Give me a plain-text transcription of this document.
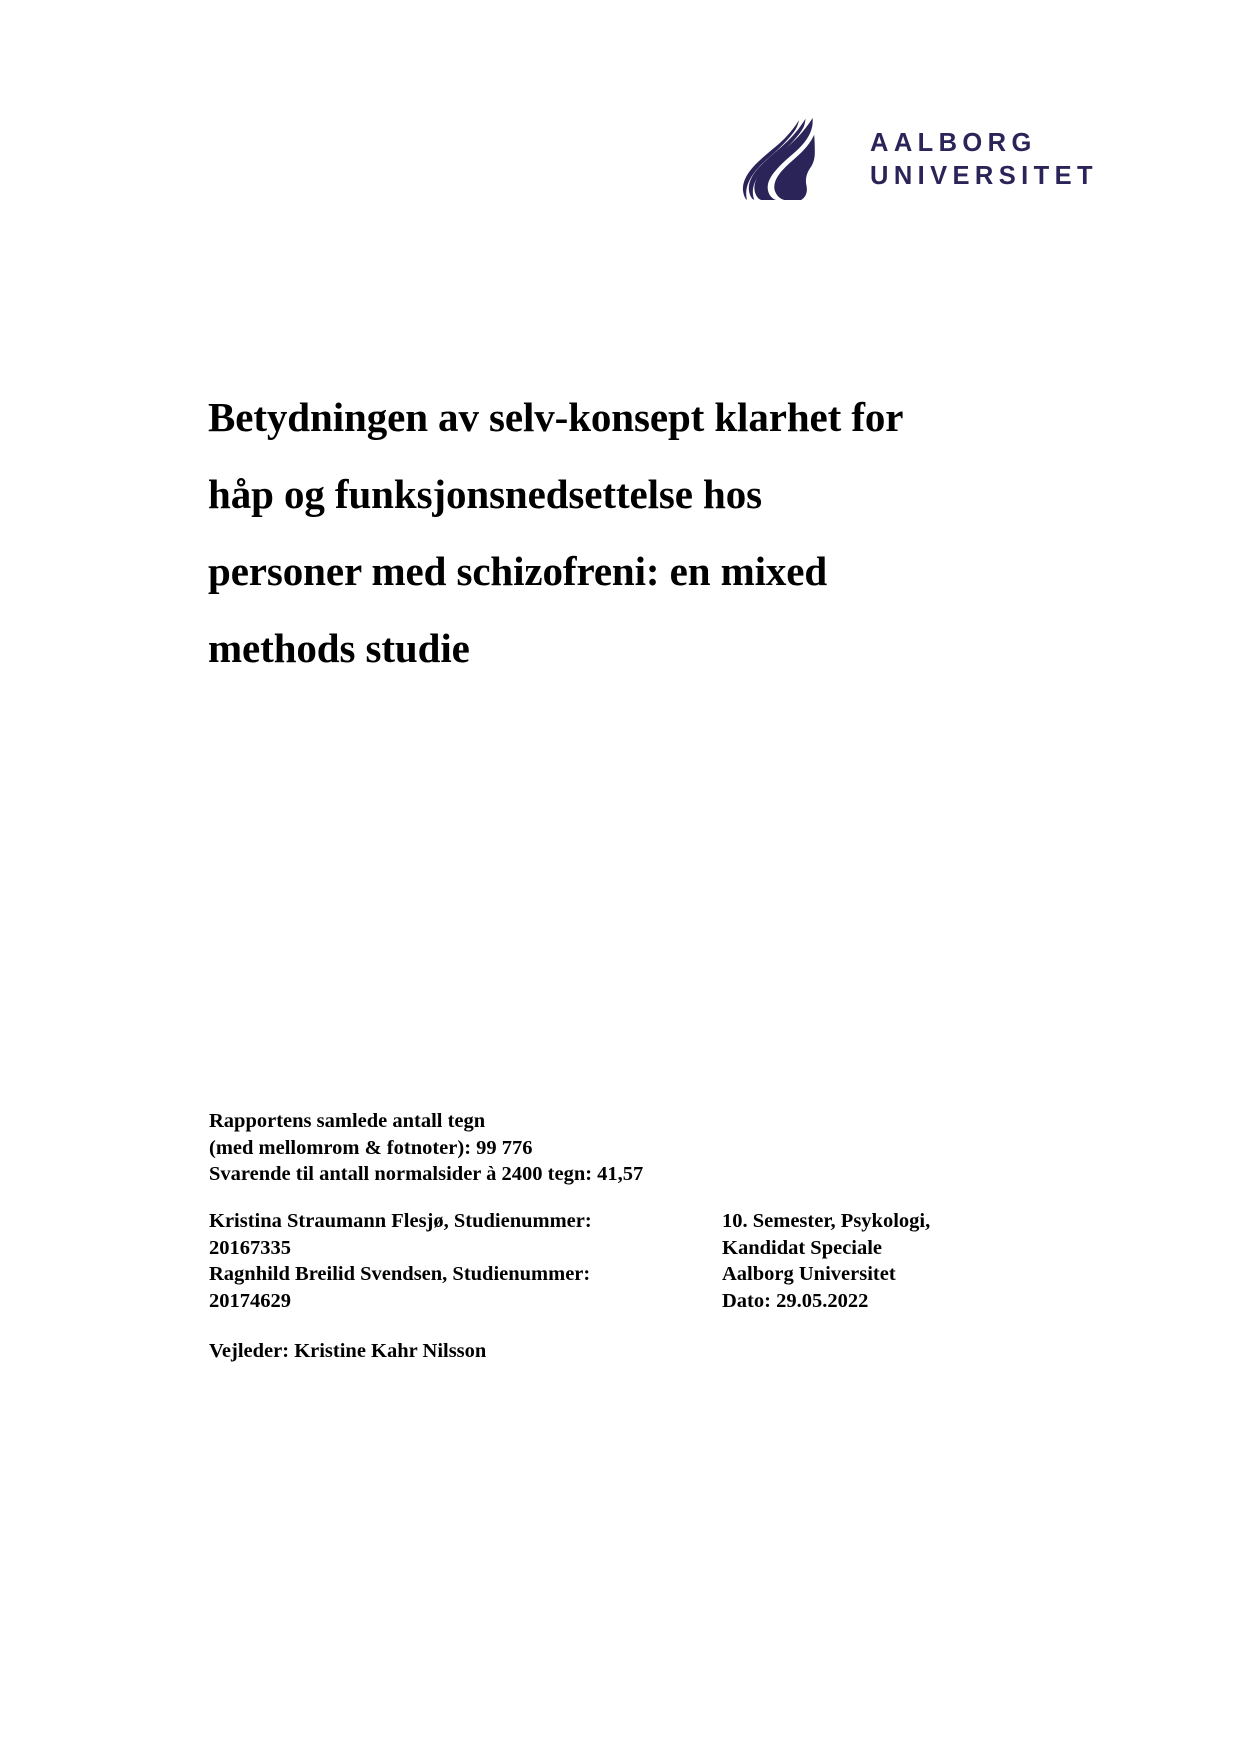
AALBORG
UNIVERSITET
Betydningen av selv-konsept klarhet for
håp og funksjonsnedsettelse hos
personer med schizofreni: en mixed
methods studie
Rapportens samlede antall tegn
(med mellomrom & fotnoter): 99 776
Svarende til antall normalsider à 2400 tegn: 41,57
Kristina Straumann Flesjø, Studienummer:
20167335
Ragnhild Breilid Svendsen, Studienummer:
20174629
10. Semester, Psykologi,
Kandidat Speciale
Aalborg Universitet
Dato: 29.05.2022
Vejleder: Kristine Kahr Nilsson
